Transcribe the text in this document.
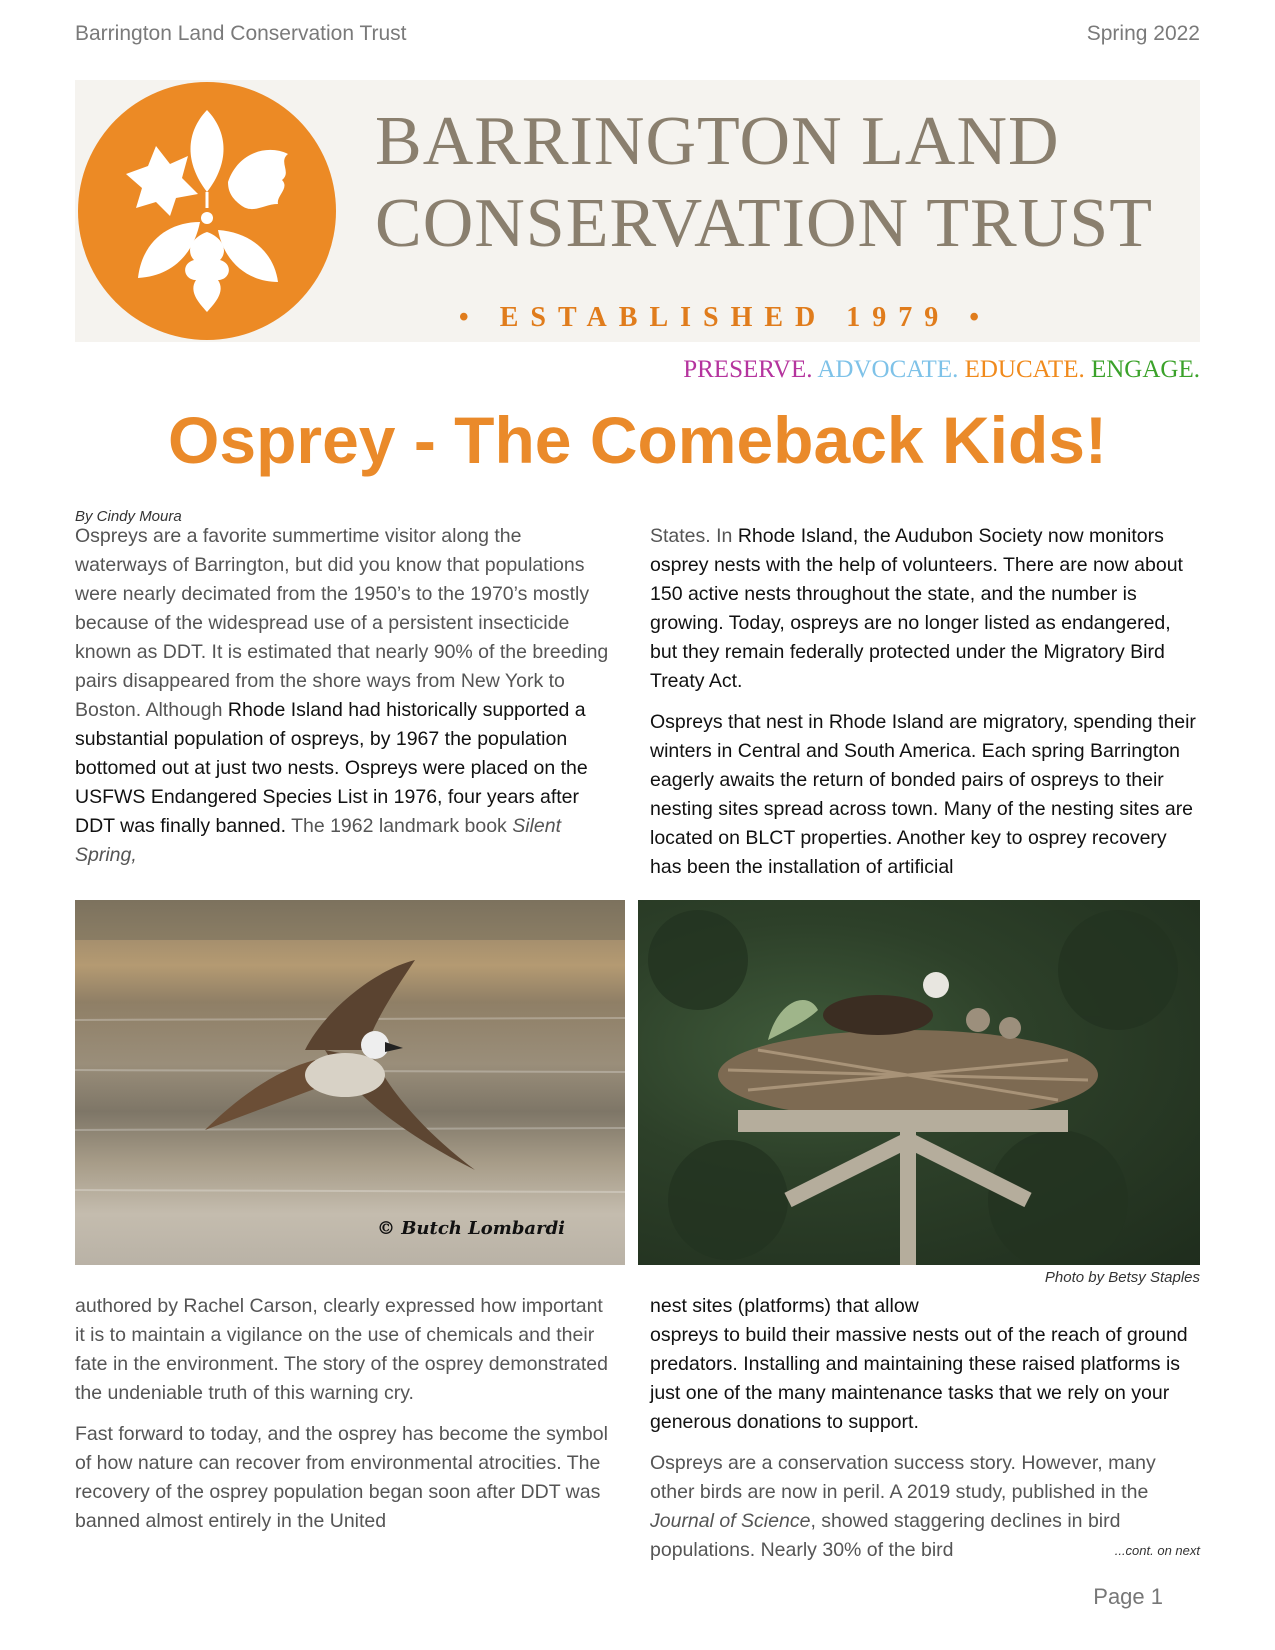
Barrington Land Conservation Trust	Spring 2022
BARRINGTON LAND
CONSERVATION TRUST
• ESTABLISHED 1979 •
PRESERVE. ADVOCATE. EDUCATE. ENGAGE.
Osprey - The Comeback Kids!
By Cindy Moura

Ospreys are a favorite summertime visitor along the waterways of Barrington, but did you know that populations were nearly decimated from the 1950’s to the 1970’s mostly because of the widespread use of a persistent insecticide known as DDT. It is estimated that nearly 90% of the breeding pairs disappeared from the shore ways from New York to Boston. Although Rhode Island had historically supported a substantial population of ospreys, by 1967 the population bottomed out at just two nests. Ospreys were placed on the USFWS Endangered Species List in 1976, four years after DDT was finally banned. The 1962 landmark book Silent Spring,

States. In Rhode Island, the Audubon Society now monitors osprey nests with the help of volunteers. There are now about 150 active nests throughout the state, and the number is growing. Today, ospreys are no longer listed as endangered, but they remain federally protected under the Migratory Bird Treaty Act.

Ospreys that nest in Rhode Island are migratory, spending their winters in Central and South America. Each spring Barrington eagerly awaits the return of bonded pairs of ospreys to their nesting sites spread across town. Many of the nesting sites are located on BLCT properties. Another key to osprey recovery has been the installation of artificial

© Butch Lombardi
Photo by Betsy Staples

authored by Rachel Carson, clearly expressed how important it is to maintain a vigilance on the use of chemicals and their fate in the environment. The story of the osprey demonstrated the undeniable truth of this warning cry.

Fast forward to today, and the osprey has become the symbol of how nature can recover from environmental atrocities. The recovery of the osprey population began soon after DDT was banned almost entirely in the United

nest sites (platforms) that allow
ospreys to build their massive nests out of the reach of ground predators. Installing and maintaining these raised platforms is just one of the many maintenance tasks that we rely on your generous donations to support.

Ospreys are a conservation success story. However, many other birds are now in peril. A 2019 study, published in the Journal of Science, showed staggering declines in bird populations. Nearly 30% of the bird	...cont. on next
Page 1
